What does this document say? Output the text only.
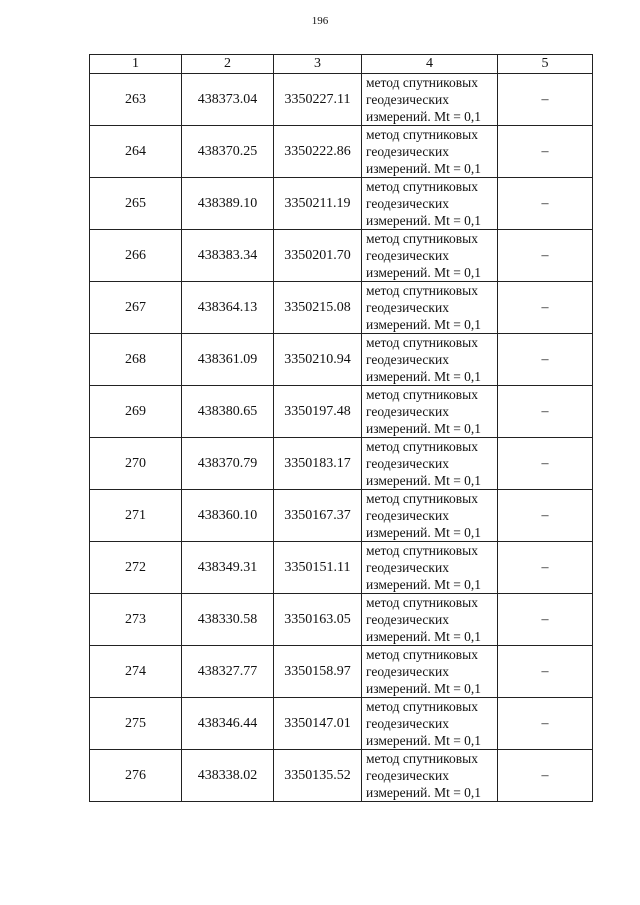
196
1	2	3	4	5
263	438373.04	3350227.11	метод спутниковых
геодезических
измерений. Mt = 0,1	–
264	438370.25	3350222.86	метод спутниковых
геодезических
измерений. Mt = 0,1	–
265	438389.10	3350211.19	метод спутниковых
геодезических
измерений. Mt = 0,1	–
266	438383.34	3350201.70	метод спутниковых
геодезических
измерений. Mt = 0,1	–
267	438364.13	3350215.08	метод спутниковых
геодезических
измерений. Mt = 0,1	–
268	438361.09	3350210.94	метод спутниковых
геодезических
измерений. Mt = 0,1	–
269	438380.65	3350197.48	метод спутниковых
геодезических
измерений. Mt = 0,1	–
270	438370.79	3350183.17	метод спутниковых
геодезических
измерений. Mt = 0,1	–
271	438360.10	3350167.37	метод спутниковых
геодезических
измерений. Mt = 0,1	–
272	438349.31	3350151.11	метод спутниковых
геодезических
измерений. Mt = 0,1	–
273	438330.58	3350163.05	метод спутниковых
геодезических
измерений. Mt = 0,1	–
274	438327.77	3350158.97	метод спутниковых
геодезических
измерений. Mt = 0,1	–
275	438346.44	3350147.01	метод спутниковых
геодезических
измерений. Mt = 0,1	–
276	438338.02	3350135.52	метод спутниковых
геодезических
измерений. Mt = 0,1	–
